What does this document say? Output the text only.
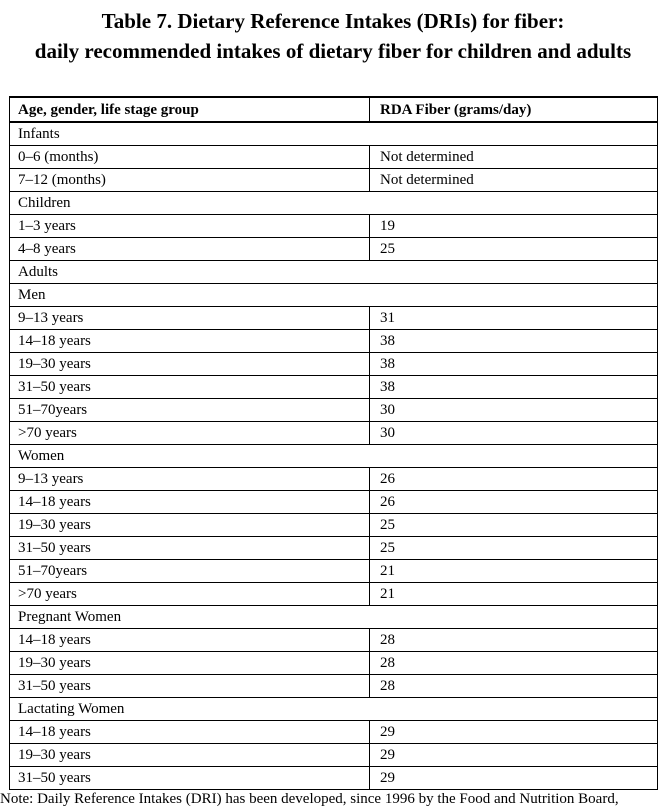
Table 7. Dietary Reference Intakes (DRIs) for fiber:
daily recommended intakes of dietary fiber for children and adults
Age, gender, life stage group	RDA Fiber (grams/day)
Infants	
0–6 (months)	Not determined
7–12 (months)	Not determined
Children	
1–3 years	19
4–8 years	25
Adults	
Men	
9–13 years	31
14–18 years	38
19–30 years	38
31–50 years	38
51–70years	30
>70 years	30
Women	
9–13 years	26
14–18 years	26
19–30 years	25
31–50 years	25
51–70years	21
>70 years	21
Pregnant Women	
14–18 years	28
19–30 years	28
31–50 years	28
Lactating Women	
14–18 years	29
19–30 years	29
31–50 years	29
Note: Daily Reference Intakes (DRI) has been developed, since 1996 by the Food and Nutrition Board,
